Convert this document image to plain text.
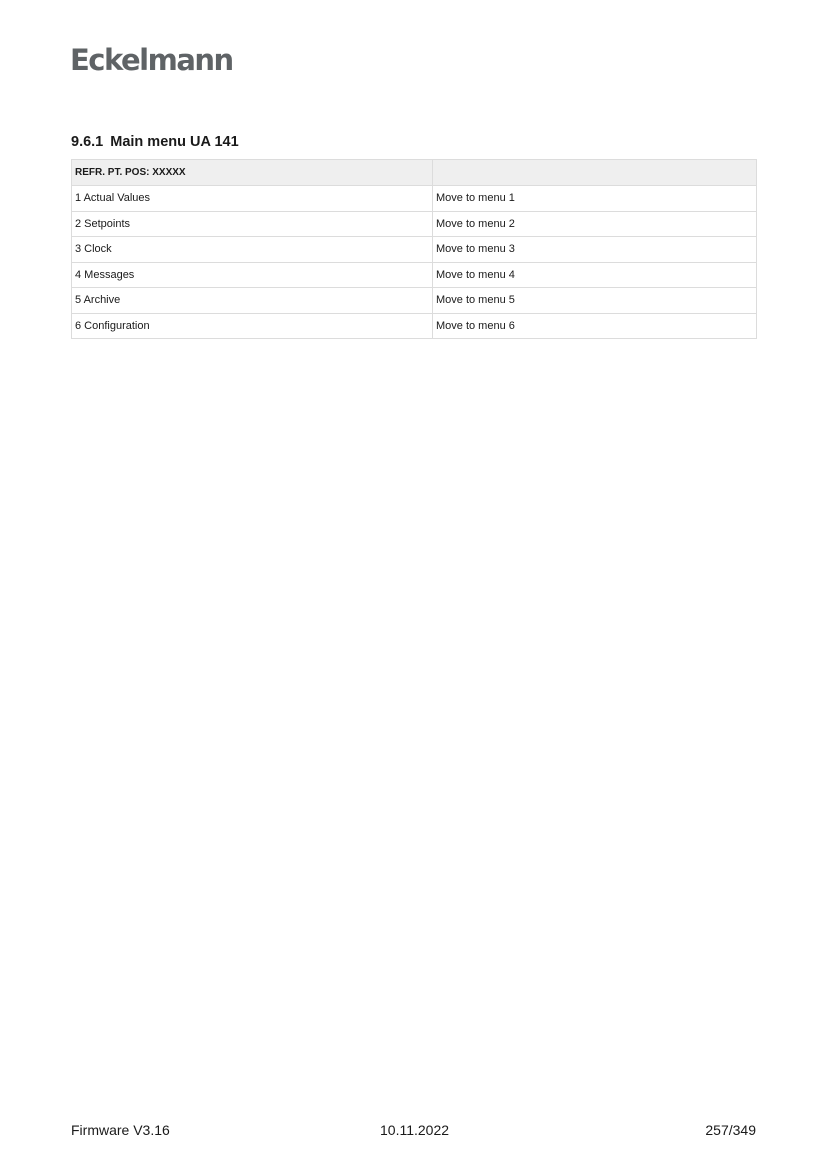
Eckelmann
9.6.1 Main menu UA 141
REFR. PT. POS: XXXXX	
1 Actual Values	Move to menu 1
2 Setpoints	Move to menu 2
3 Clock	Move to menu 3
4 Messages	Move to menu 4
5 Archive	Move to menu 5
6 Configuration	Move to menu 6
Firmware V3.16	10.11.2022	257/349
